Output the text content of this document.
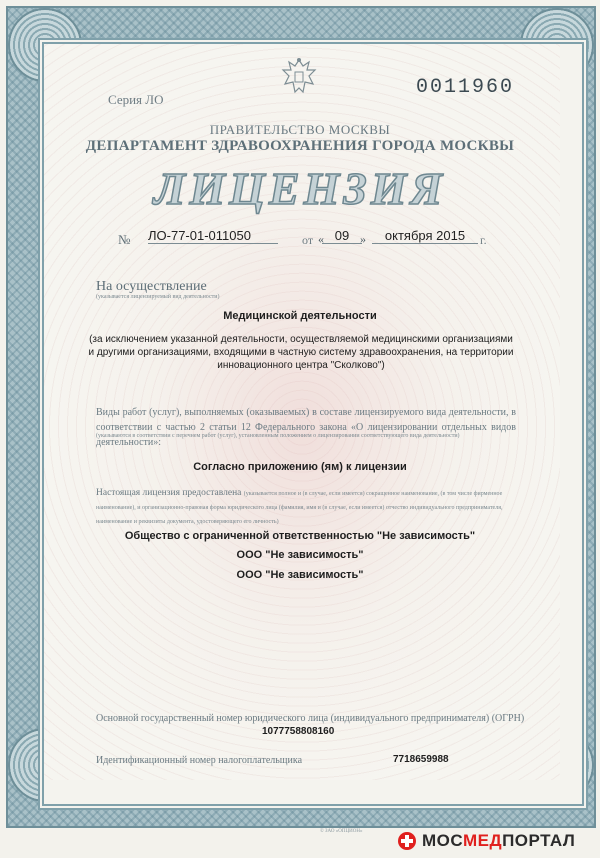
Серия ЛО
0011960
ПРАВИТЕЛЬСТВО МОСКВЫ
ДЕПАРТАМЕНТ ЗДРАВООХРАНЕНИЯ ГОРОДА МОСКВЫ
ЛИЦЕНЗИЯ
№ ЛО-77-01-011050	от « 09 »	октября 2015	г.
На осуществление
(указывается лицензируемый вид деятельности)
Медицинской деятельности
(за исключением указанной деятельности, осуществляемой медицинскими организациями и другими организациями, входящими в частную систему здравоохранения, на территории инновационного центра "Сколково")
Виды работ (услуг), выполняемых (оказываемых) в составе лицензируемого вида деятельности, в соответствии с частью 2 статьи 12 Федерального закона «О лицензировании отдельных видов деятельности»:
(указываются в соответствии с перечнем работ (услуг), установленным положением о лицензировании соответствующего вида деятельности)
Согласно приложению (ям) к лицензии
Настоящая лицензия предоставлена (указывается полное и (в случае, если имеется) сокращенное наименование, (в том числе фирменное наименование), и организационно-правовая форма юридического лица (фамилия, имя и (в случае, если имеется) отчество индивидуального предпринимателя, наименование и реквизиты документа, удостоверяющего его личность)
Общество с ограниченной ответственностью "Не зависимость"
ООО "Не зависимость"
ООО "Не зависимость"
Основной государственный номер юридического лица (индивидуального предпринимателя) (ОГРН)
1077758808160
Идентификационный номер налогоплательщика	7718659988
© ЗАО «ОПЦИОН»	МОСМЕДПОРТАЛ
